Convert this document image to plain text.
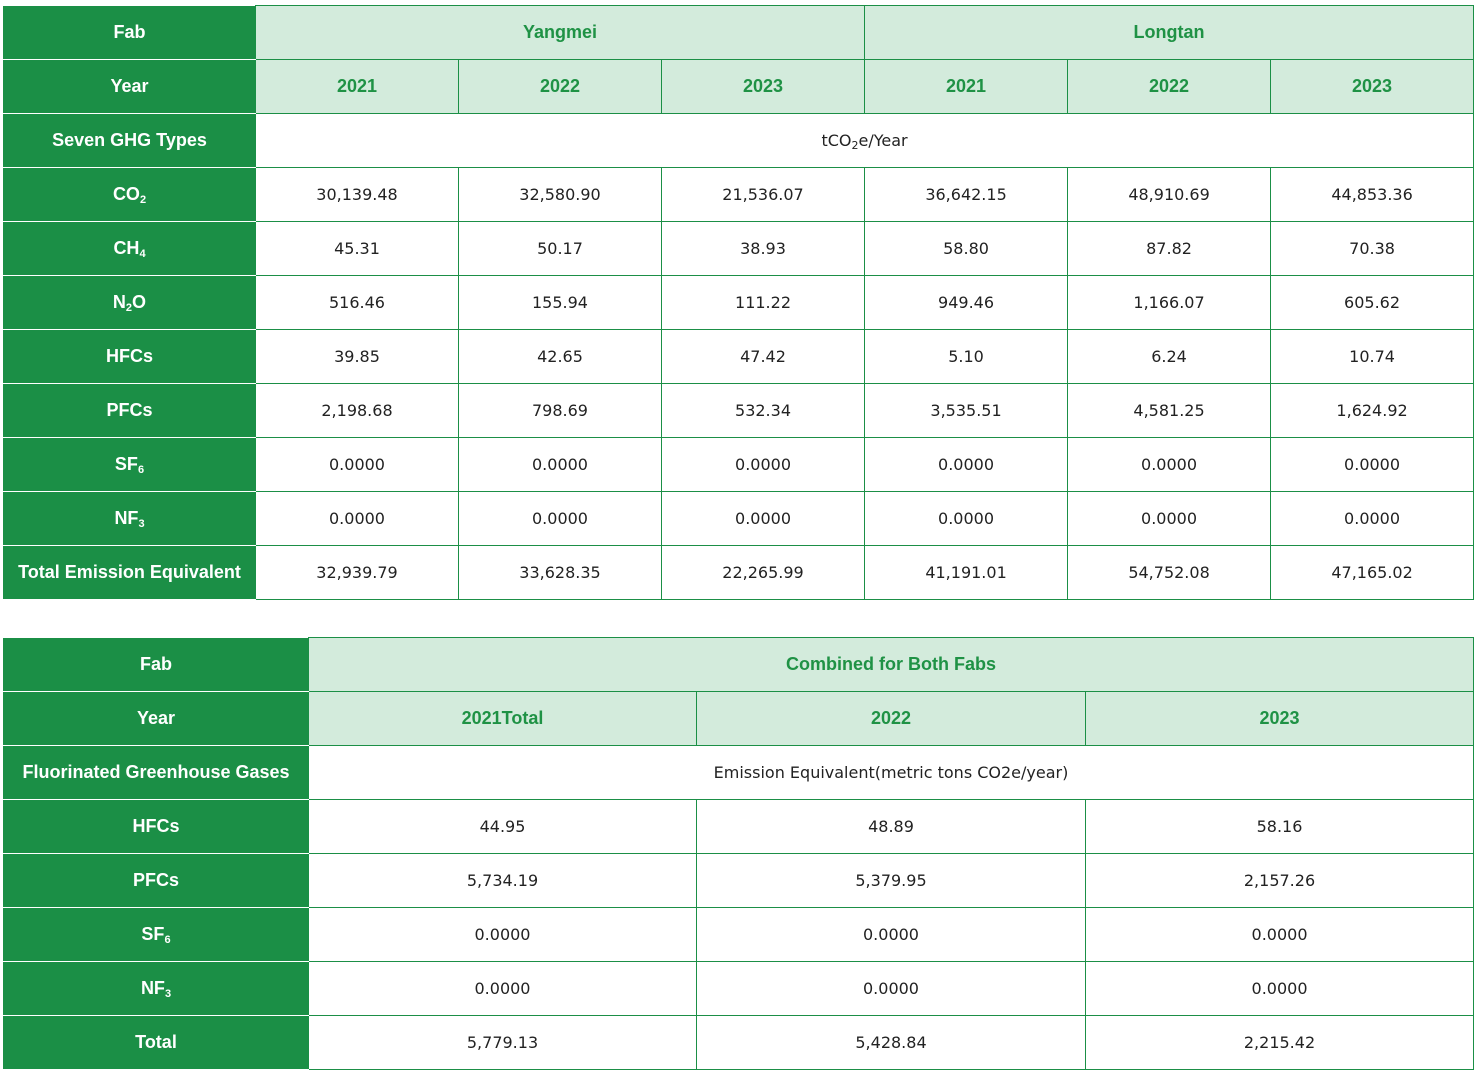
Fab	Yangmei			Longtan		
Year	2021	2022	2023	2021	2022	2023
Seven GHG Types	tCO$_2$e/Year					
$CO_2$	30,139.48	32,580.90	21,536.07	36,642.15	48,910.69	44,853.36
$CH_4$	45.31	50.17	38.93	58.80	87.82	70.38
$N_2O$	516.46	155.94	111.22	949.46	1,166.07	605.62
HFCs	39.85	42.65	47.42	5.10	6.24	10.74
PFCs	2,198.68	798.69	532.34	3,535.51	4,581.25	1,624.92
$SF_6$	0.0000	0.0000	0.0000	0.0000	0.0000	0.0000
$NF_3$	0.0000	0.0000	0.0000	0.0000	0.0000	0.0000
Total Emission Equivalent	32,939.79	33,628.35	22,265.99	41,191.01	54,752.08	47,165.02
Fab	Combined for Both Fabs		
Year	2021Total	2022	2023
Fluorinated Greenhouse Gases	Emission Equivalent(metric tons CO2e/year)		
HFCs	44.95	48.89	58.16
PFCs	5,734.19	5,379.95	2,157.26
$SF_6$	0.0000	0.0000	0.0000
$NF_3$	0.0000	0.0000	0.0000
Total	5,779.13	5,428.84	2,215.42
